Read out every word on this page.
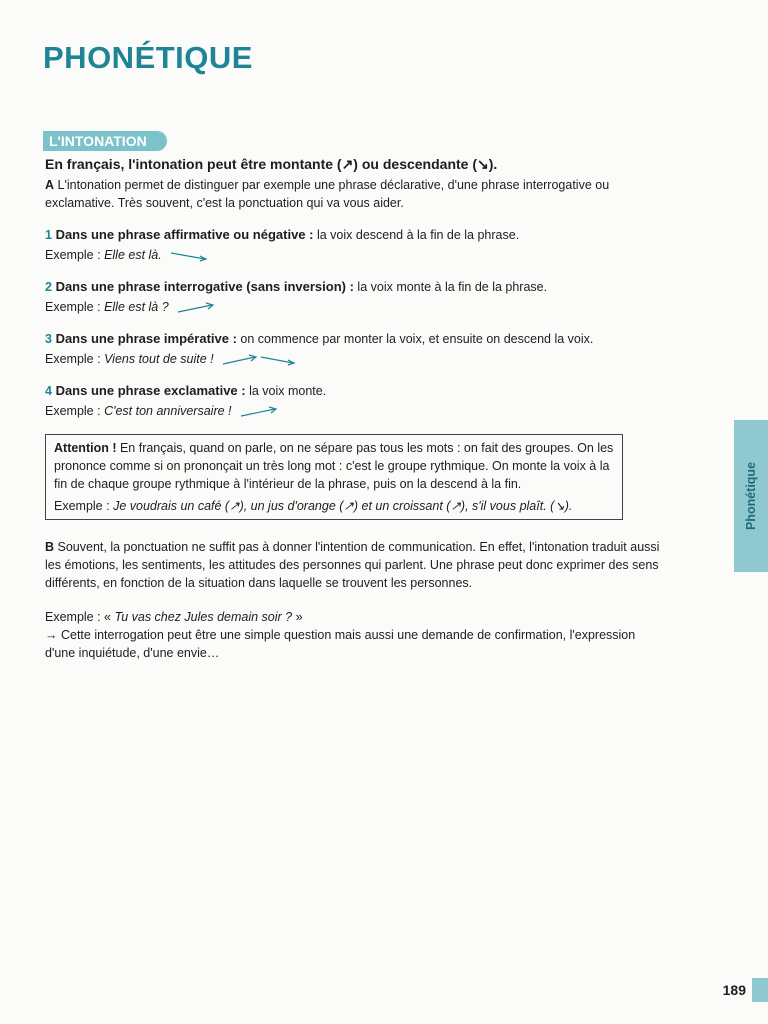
PHONÉTIQUE
L'INTONATION

En français, l'intonation peut être montante (↗) ou descendante (↘).

A L'intonation permet de distinguer par exemple une phrase déclarative, d'une phrase interrogative ou exclamative. Très souvent, c'est la ponctuation qui va vous aider.

1 Dans une phrase affirmative ou négative : la voix descend à la fin de la phrase.

Exemple : Elle est là.

2 Dans une phrase interrogative (sans inversion) : la voix monte à la fin de la phrase.

Exemple : Elle est là ?

3 Dans une phrase impérative : on commence par monter la voix, et ensuite on descend la voix.

Exemple : Viens tout de suite !

4 Dans une phrase exclamative : la voix monte.

Exemple : C'est ton anniversaire !

Attention ! En français, quand on parle, on ne sépare pas tous les mots : on fait des groupes. On les prononce comme si on prononçait un très long mot : c'est le groupe rythmique. On monte la voix à la fin de chaque groupe rythmique à l'intérieur de la phrase, puis on la descend à la fin.

Exemple : Je voudrais un café (↗), un jus d'orange (↗) et un croissant (↗), s'il vous plaît. (↘).

B Souvent, la ponctuation ne suffit pas à donner l'intention de communication. En effet, l'intonation traduit aussi les émotions, les sentiments, les attitudes des personnes qui parlent. Une phrase peut donc exprimer des sens différents, en fonction de la situation dans laquelle se trouvent les personnes.

Exemple : « Tu vas chez Jules demain soir ? »

→ Cette interrogation peut être une simple question mais aussi une demande de confirmation, l'expression d'une inquiétude, d'une envie…

Phonétique
189
